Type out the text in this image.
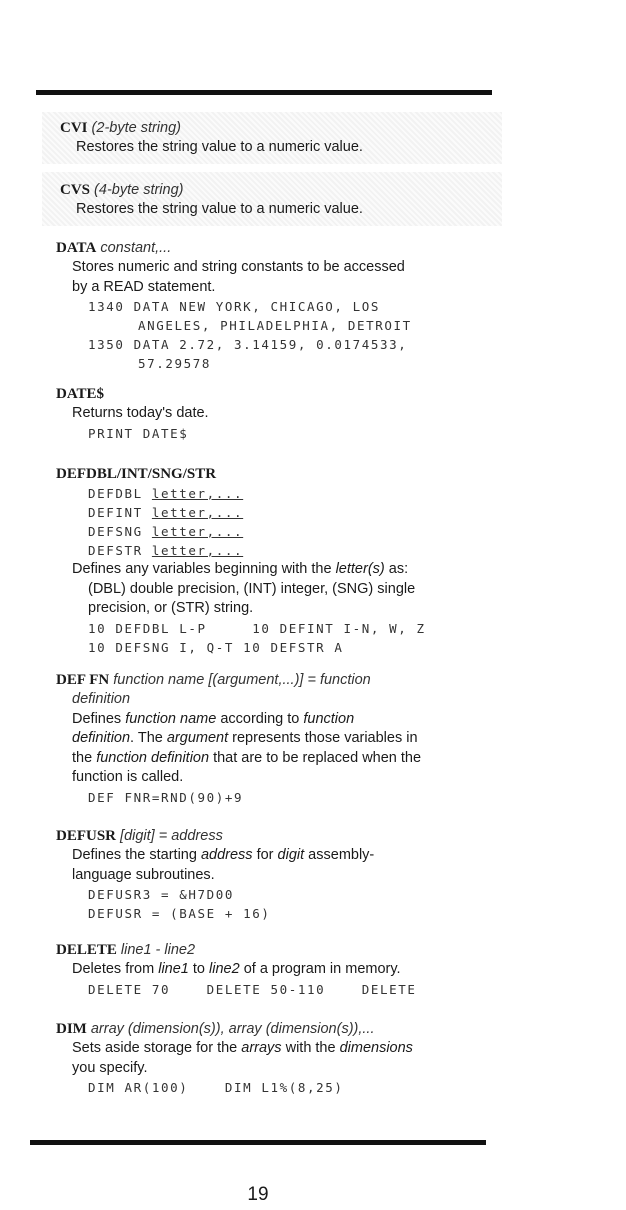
CVI (2-byte string)

Restores the string value to a numeric value.

CVS (4-byte string)

Restores the string value to a numeric value.

DATA constant,...

Stores numeric and string constants to be accessed

by a READ statement.

1340 DATA NEW YORK, CHICAGO, LOS

ANGELES, PHILADELPHIA, DETROIT

1350 DATA 2.72, 3.14159, 0.0174533,

57.29578

DATE$

Returns today's date.

PRINT DATE$

DEFDBL/INT/SNG/STR

DEFDBL letter,...

DEFINT letter,...

DEFSNG letter,...

DEFSTR letter,...

Defines any variables beginning with the letter(s) as:

(DBL) double precision, (INT) integer, (SNG) single

precision, or (STR) string.

10 DEFDBL L-P     10 DEFINT I-N, W, Z

10 DEFSNG I, Q-T 10 DEFSTR A

DEF FN function name [(argument,...)] = function

definition

Defines function name according to function

definition. The argument represents those variables in

the function definition that are to be replaced when the

function is called.

DEF FNR=RND(90)+9

DEFUSR [digit] = address

Defines the starting address for digit assembly-

language subroutines.

DEFUSR3 = &H7D00

DEFUSR = (BASE + 16)

DELETE line1 - line2

Deletes from line1 to line2 of a program in memory.

DELETE 70    DELETE 50-110    DELETE

DIM array (dimension(s)), array (dimension(s)),...

Sets aside storage for the arrays with the dimensions

you specify.

DIM AR(100)    DIM L1%(8,25)

19
